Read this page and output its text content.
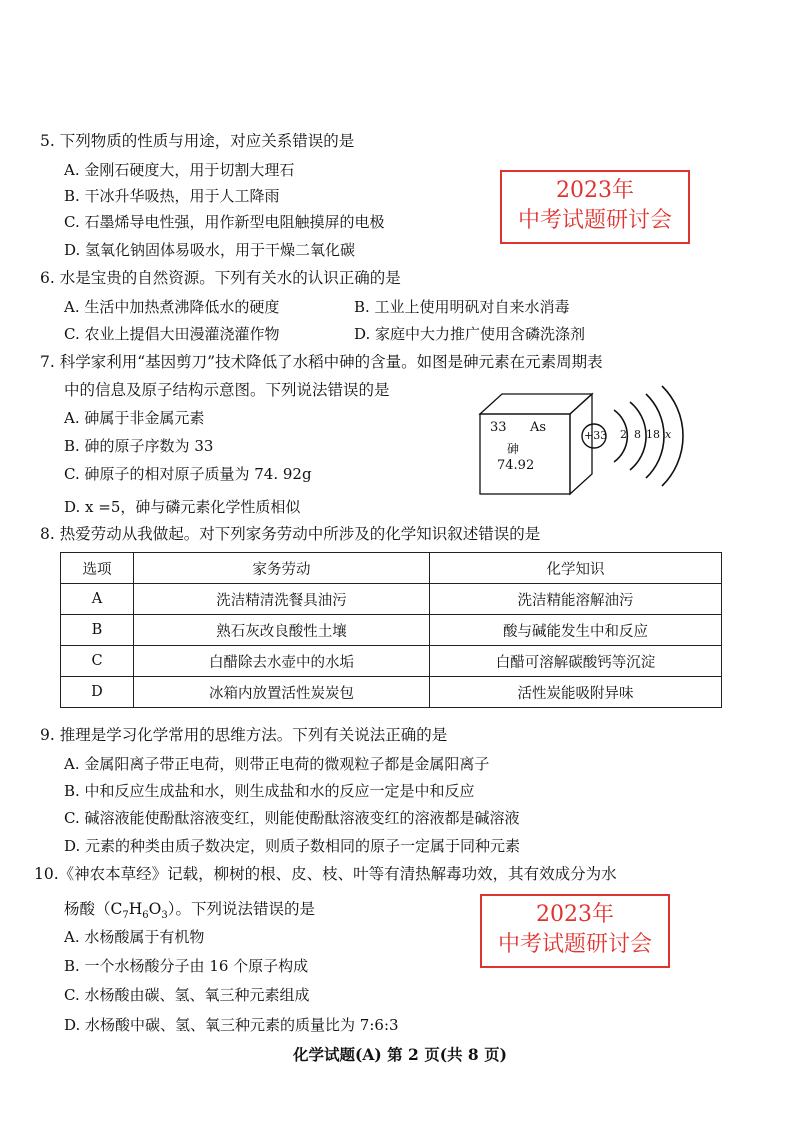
5. 下列物质的性质与用途，对应关系错误的是
A. 金刚石硬度大，用于切割大理石
B. 干冰升华吸热，用于人工降雨
C. 石墨烯导电性强，用作新型电阻触摸屏的电极
D. 氢氧化钠固体易吸水，用于干燥二氧化碳
2023年
中考试题研讨会
6. 水是宝贵的自然资源。下列有关水的认识正确的是
A. 生活中加热煮沸降低水的硬度	B. 工业上使用明矾对自来水消毒
C. 农业上提倡大田漫灌浇灌作物	D. 家庭中大力推广使用含磷洗涤剂
7. 科学家利用“基因剪刀”技术降低了水稻中砷的含量。如图是砷元素在元素周期表
中的信息及原子结构示意图。下列说法错误的是
A. 砷属于非金属元素
B. 砷的原子序数为 33
C. 砷原子的相对原子质量为 74. 92g
D. x =5，砷与磷元素化学性质相似
33 As
砷
74.92
+33 2 8 18 x
8. 热爱劳动从我做起。对下列家务劳动中所涉及的化学知识叙述错误的是
选项	家务劳动	化学知识
A	洗洁精清洗餐具油污	洗洁精能溶解油污
B	熟石灰改良酸性土壤	酸与碱能发生中和反应
C	白醋除去水壶中的水垢	白醋可溶解碳酸钙等沉淀
D	冰箱内放置活性炭炭包	活性炭能吸附异味
9. 推理是学习化学常用的思维方法。下列有关说法正确的是
A. 金属阳离子带正电荷，则带正电荷的微观粒子都是金属阳离子
B. 中和反应生成盐和水，则生成盐和水的反应一定是中和反应
C. 碱溶液能使酚酞溶液变红，则能使酚酞溶液变红的溶液都是碱溶液
D. 元素的种类由质子数决定，则质子数相同的原子一定属于同种元素
10.《神农本草经》记载，柳树的根、皮、枝、叶等有清热解毒功效，其有效成分为水
杨酸$(C_7H_6O_3)$。下列说法错误的是
A. 水杨酸属于有机物
B. 一个水杨酸分子由 16 个原子构成
C. 水杨酸由碳、氢、氧三种元素组成
D. 水杨酸中碳、氢、氧三种元素的质量比为 7:6:3
2023年
中考试题研讨会
化学试题(A) 第 2 页(共 8 页)
